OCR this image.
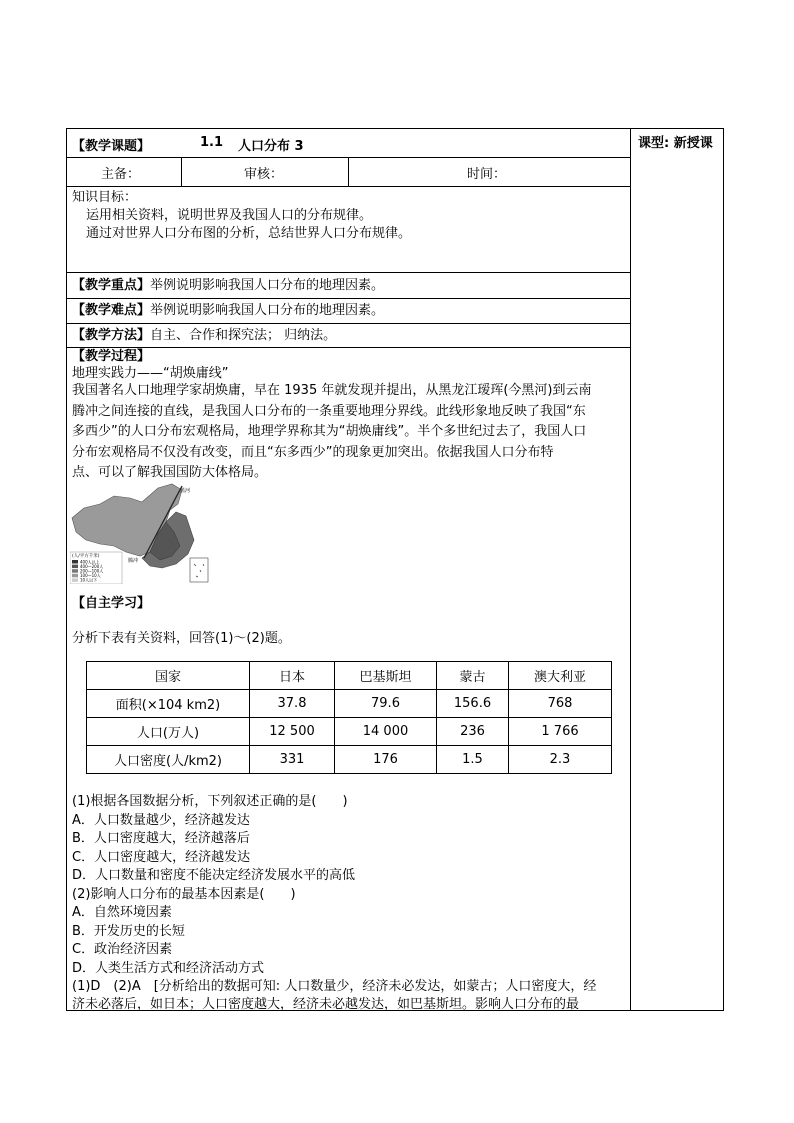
【教学课题】	1.1 人口分布 3	课型: 新授课
主备：	审核：	时间：
知识目标：
运用相关资料，说明世界及我国人口的分布规律。
通过对世界人口分布图的分析，总结世界人口分布规律。
【教学重点】举例说明影响我国人口分布的地理因素。
【教学难点】举例说明影响我国人口分布的地理因素。
【教学方法】自主、合作和探究法； 归纳法。
【教学过程】
地理实践力——“胡焕庸线”
我国著名人口地理学家胡焕庸，早在 1935 年就发现并提出，从黑龙江瑷珲(今黑河)到云南
腾冲之间连接的直线，是我国人口分布的一条重要地理分界线。此线形象地反映了我国“东
多西少”的人口分布宏观格局，地理学界称其为“胡焕庸线”。半个多世纪过去了，我国人口
分布宏观格局不仅没有改变，而且“东多西少”的现象更加突出。依据我国人口分布特
点、可以了解我国国防大体格局。
黑河
腾冲
(人/平方千米)
400人以上
400—200人
200—100人
100—10人
10人以下
【自主学习】
分析下表有关资料，回答(1)～(2)题。
国家	日本	巴基斯坦	蒙古	澳大利亚
面积(×104 km2)	37.8	79.6	156.6	768
人口(万人)	12 500	14 000	236	1 766
人口密度(人/km2)	331	176	1.5	2.3
(1)根据各国数据分析，下列叙述正确的是(　　)
A．人口数量越少，经济越发达
B．人口密度越大，经济越落后
C．人口密度越大，经济越发达
D．人口数量和密度不能决定经济发展水平的高低
(2)影响人口分布的最基本因素是(　　)
A．自然环境因素
B．开发历史的长短
C．政治经济因素
D．人类生活方式和经济活动方式
(1)D　(2)A　[分析给出的数据可知: 人口数量少，经济未必发达，如蒙古；人口密度大，经
济未必落后，如日本；人口密度越大，经济未必越发达，如巴基斯坦。影响人口分布的最
